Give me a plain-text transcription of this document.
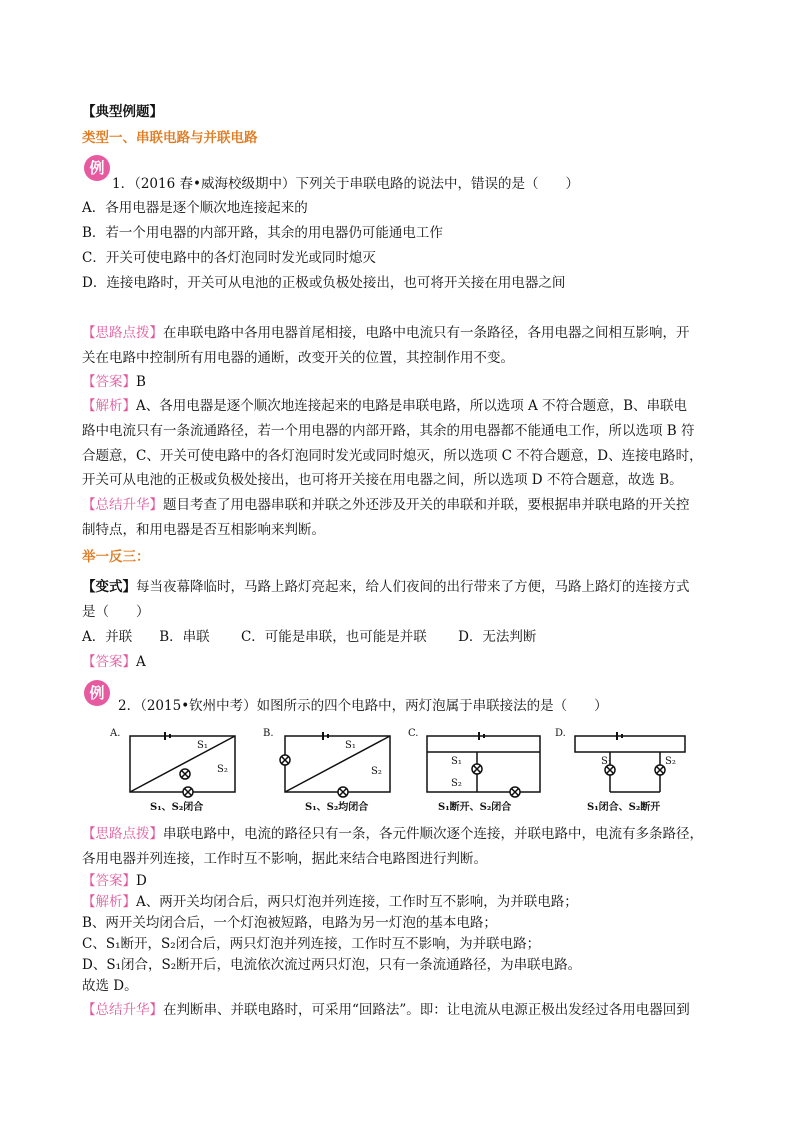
【典型例题】
类型一、串联电路与并联电路
例
1．（2016 春•威海校级期中）下列关于串联电路的说法中，错误的是（　　）
A．各用电器是逐个顺次地连接起来的
B．若一个用电器的内部开路，其余的用电器仍可能通电工作
C．开关可使电路中的各灯泡同时发光或同时熄灭
D．连接电路时，开关可从电池的正极或负极处接出，也可将开关接在用电器之间
【思路点拨】在串联电路中各用电器首尾相接，电路中电流只有一条路径，各用电器之间相互影响，开
关在电路中控制所有用电器的通断，改变开关的位置，其控制作用不变。
【答案】B
【解析】A、各用电器是逐个顺次地连接起来的电路是串联电路，所以选项 A 不符合题意，B、串联电
路中电流只有一条流通路径，若一个用电器的内部开路，其余的用电器都不能通电工作，所以选项 B 符
合题意，C、开关可使电路中的各灯泡同时发光或同时熄灭，所以选项 C 不符合题意，D、连接电路时，
开关可从电池的正极或负极处接出，也可将开关接在用电器之间，所以选项 D 不符合题意，故选 B。
【总结升华】题目考查了用电器串联和并联之外还涉及开关的串联和并联，要根据串并联电路的开关控
制特点，和用电器是否互相影响来判断。
举一反三：
【变式】每当夜幕降临时，马路上路灯亮起来，给人们夜间的出行带来了方便，马路上路灯的连接方式
是（　　）
A．并联　　B．串联　　 C．可能是串联，也可能是并联　　 D．无法判断
【答案】A
例
2．（2015•钦州中考）如图所示的四个电路中，两灯泡属于串联接法的是（　　）
A.
S₁
S₂
S₁、S₂闭合
B.
S₁
S₂
S₁、S₂均闭合
C.
S₁
S₂
S₁断开、S₂闭合
D.
S₁	S₂
S₁闭合、S₂断开
【思路点拨】串联电路中，电流的路径只有一条，各元件顺次逐个连接，并联电路中，电流有多条路径，
各用电器并列连接，工作时互不影响，据此来结合电路图进行判断。
【答案】D
【解析】A、两开关均闭合后，两只灯泡并列连接，工作时互不影响，为并联电路；
B、两开关均闭合后，一个灯泡被短路，电路为另一灯泡的基本电路；
C、S₁断开，S₂闭合后，两只灯泡并列连接，工作时互不影响，为并联电路；
D、S₁闭合，S₂断开后，电流依次流过两只灯泡，只有一条流通路径，为串联电路。
故选 D。
【总结升华】在判断串、并联电路时，可采用“回路法”。即：让电流从电源正极出发经过各用电器回到
